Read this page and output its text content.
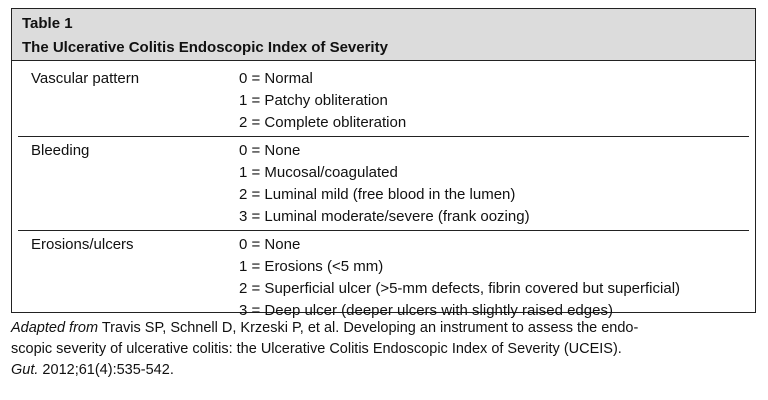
Table 1
The Ulcerative Colitis Endoscopic Index of Severity
Vascular pattern	0 = Normal
1 = Patchy obliteration
2 = Complete obliteration
Bleeding	0 = None
1 = Mucosal/coagulated
2 = Luminal mild (free blood in the lumen)
3 = Luminal moderate/severe (frank oozing)
Erosions/ulcers	0 = None
1 = Erosions (<5 mm)
2 = Superficial ulcer (>5-mm defects, fibrin covered but superficial)
3 = Deep ulcer (deeper ulcers with slightly raised edges)
Adapted from Travis SP, Schnell D, Krzeski P, et al. Developing an instrument to assess the endo-
scopic severity of ulcerative colitis: the Ulcerative Colitis Endoscopic Index of Severity (UCEIS).
Gut. 2012;61(4):535-542.
